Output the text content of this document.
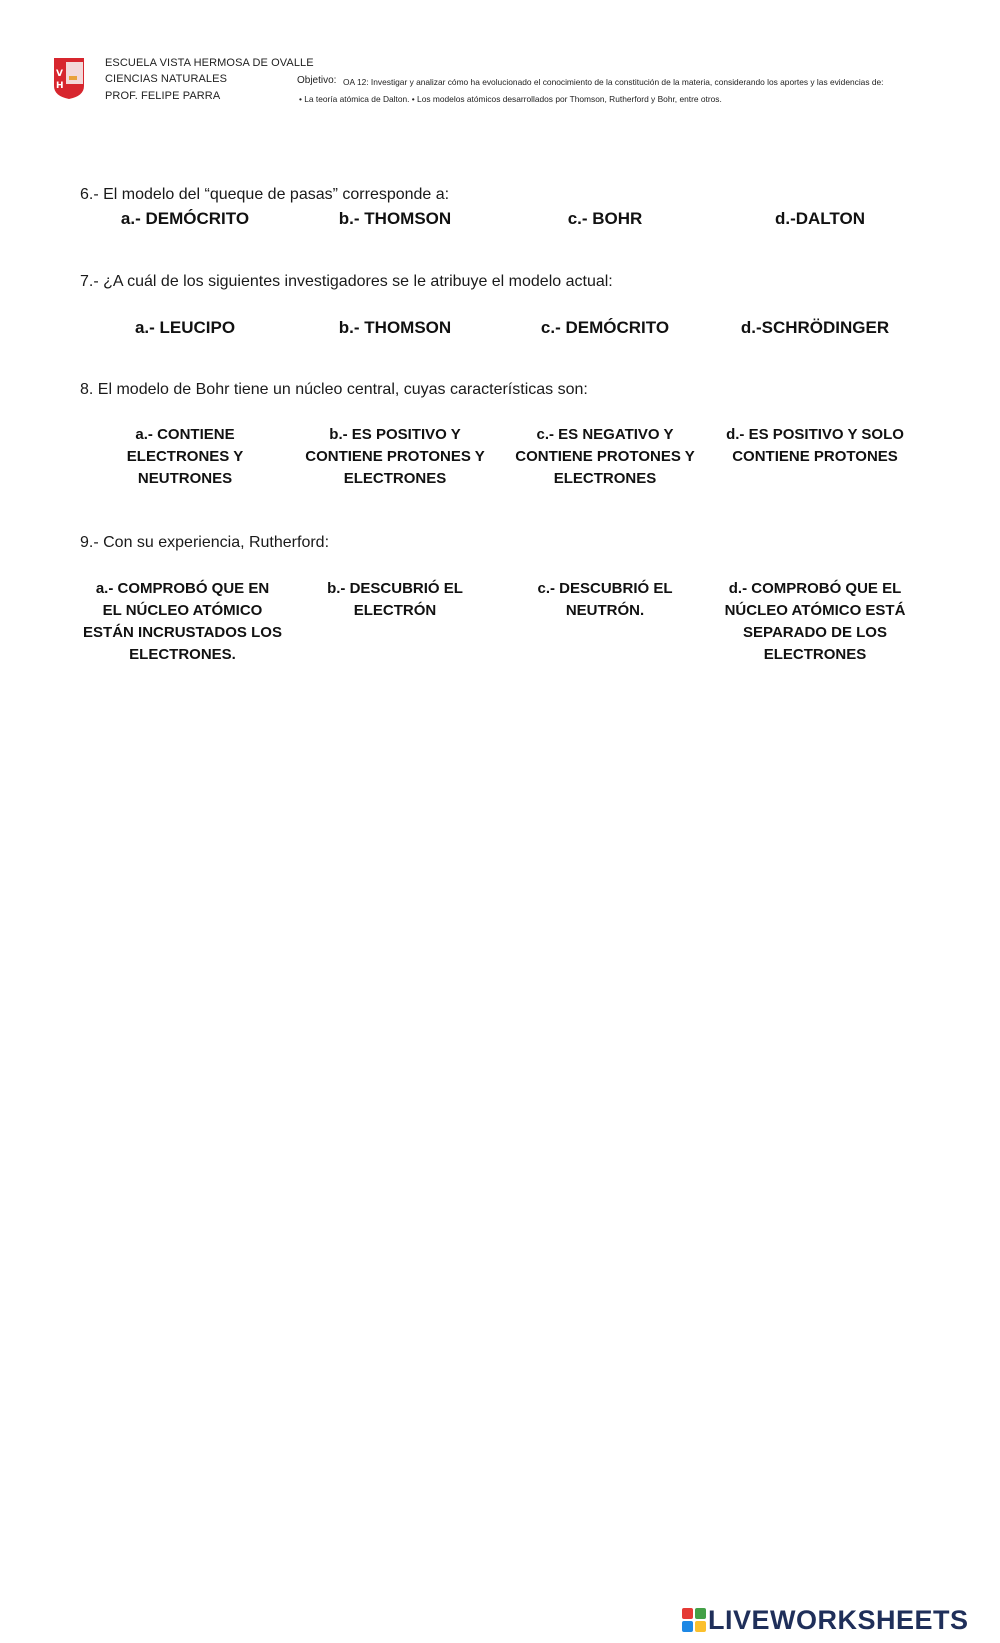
V
H
ESCUELA VISTA HERMOSA DE OVALLE
CIENCIAS NATURALES
PROF. FELIPE PARRA
Objetivo: OA 12: Investigar y analizar cómo ha evolucionado el conocimiento de la constitución de la materia, considerando los aportes y las evidencias de:
• La teoría atómica de Dalton. • Los modelos atómicos desarrollados por Thomson, Rutherford y Bohr, entre otros.
6.- El modelo del “queque de pasas” corresponde a:
a.- DEMÓCRITO	b.- THOMSON	c.- BOHR	d.-DALTON
7.- ¿A cuál de los siguientes investigadores se le atribuye el modelo actual:
a.- LEUCIPO	b.- THOMSON	c.- DEMÓCRITO	d.-SCHRÖDINGER
8. El modelo de Bohr tiene un núcleo central, cuyas características son:
a.- CONTIENE
ELECTRONES Y
NEUTRONES
b.- ES POSITIVO Y
CONTIENE PROTONES Y
ELECTRONES
c.- ES NEGATIVO Y
CONTIENE PROTONES Y
ELECTRONES
d.- ES POSITIVO Y SOLO
CONTIENE PROTONES
9.- Con su experiencia, Rutherford:
a.- COMPROBÓ QUE EN
EL NÚCLEO ATÓMICO
ESTÁN INCRUSTADOS LOS
ELECTRONES.
b.- DESCUBRIÓ EL
ELECTRÓN
c.- DESCUBRIÓ EL
NEUTRÓN.
d.- COMPROBÓ QUE EL
NÚCLEO ATÓMICO ESTÁ
SEPARADO DE LOS
ELECTRONES
LIVEWORKSHEETS
